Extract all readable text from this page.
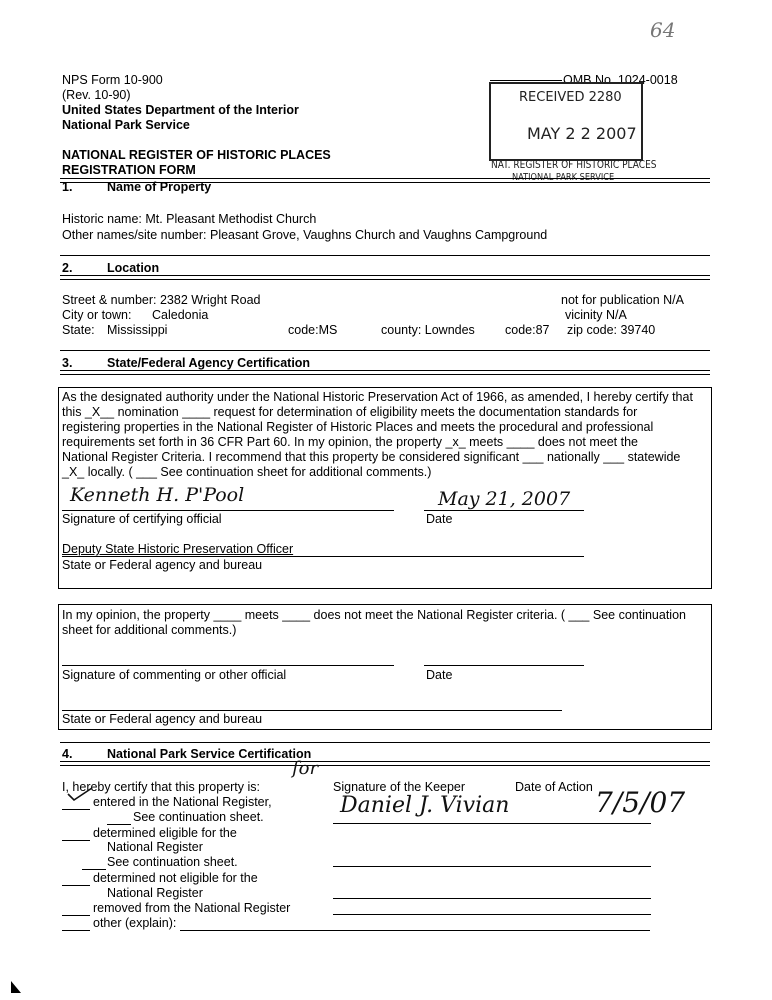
64
NPS Form 10-900
(Rev. 10-90)
United States Department of the Interior
National Park Service
NATIONAL REGISTER OF HISTORIC PLACES
REGISTRATION FORM
OMB No. 1024-0018
RECEIVED 2280
MAY 2 2 2007
NAT. REGISTER OF HISTORIC PLACES
NATIONAL PARK SERVICE
1.	Name of Property
Historic name: Mt. Pleasant Methodist Church
Other names/site number: Pleasant Grove, Vaughns Church and Vaughns Campground
2.	Location
Street & number: 2382 Wright Road	not for publication N/A
City or town: Caledonia	vicinity N/A
State: Mississippi	code:MS	county: Lowndes code:87 zip code: 39740
3.	State/Federal Agency Certification
As the designated authority under the National Historic Preservation Act of 1966, as amended, I hereby certify that
this _X__ nomination ____ request for determination of eligibility meets the documentation standards for
registering properties in the National Register of Historic Places and meets the procedural and professional
requirements set forth in 36 CFR Part 60. In my opinion, the property _x_ meets ____ does not meet the
National Register Criteria. I recommend that this property be considered significant ___ nationally ___ statewide
_X_ locally. ( ___ See continuation sheet for additional comments.)
Kenneth H. P'Pool	May 21, 2007
Signature of certifying official	Date
Deputy State Historic Preservation Officer
State or Federal agency and bureau
In my opinion, the property ____ meets ____ does not meet the National Register criteria. ( ___ See continuation
sheet for additional comments.)
Signature of commenting or other official	Date
State or Federal agency and bureau
4.	National Park Service Certification
I, hereby certify that this property is:
for
Signature of the Keeper	Date of Action
Daniel J. Vivian	7/5/07
entered in the National Register,
See continuation sheet.
determined eligible for the
National Register
See continuation sheet.
determined not eligible for the
National Register
removed from the National Register
other (explain):
